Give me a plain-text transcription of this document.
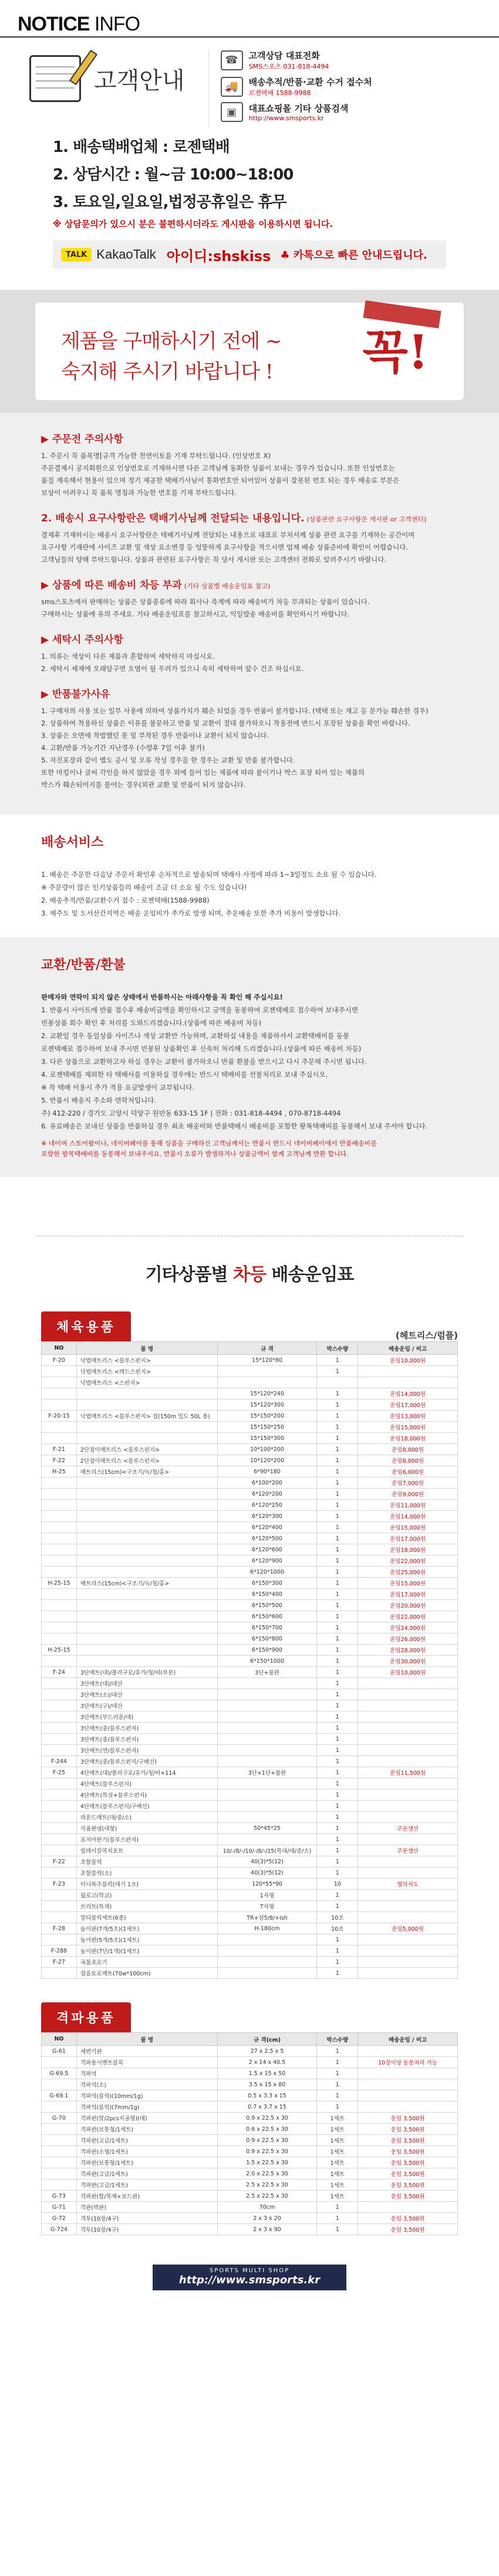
NOTICE INFO
고객안내
☎	고객상담 대표전화
SMS스포츠 031-818-4494
🚚	배송추적/반품·교환 수거 접수처
로젠택배 1588-9988
▣	대표쇼핑몰 기타 상품검색
http://www.smsports.kr

1. 배송택배업체 : 로젠택배

2. 상담시간 : 월~금 10:00~18:00

3. 토요일,일요일,법정공휴일은 휴무

※ 상담문의가 있으시 분은 불편하시더라도 게시판을 이용하시면 됩니다.
TALK KakaoTalk 아이디:shskiss ♣ 카톡으로 빠른 안내드립니다.
제품을 구매하시기 전에 ~
숙지해 주시기 바랍니다 ! 꼭!
▶ 주문전 주의사항

1. 주문시 꼭 품목명[규격 가능한 천연이토를 기재 부탁드립니다. (인상번호 X)

주문결제시 공지회원으로 인상번호로 기재하시면 다른 고객님께 동화한 상품이 보내는 경우가 있습니다. 또한 인상번호는

품질 계속해서 현용이 있으며 정기 제공한 택배기사님이 통화번호만 되어있어 상품이 잘못된 번호 되는 경우 배송료 부분은

보상이 어려우니 꼭 품목 명칭과 가능한 번호를 기재 부탁드립니다.

2. 배송시 요구사항란은 택배기사님께 전달되는 내용입니다. (상품관련 요구사항은 게시판 or 고객센터)

결제후 기재하시는 배송시 요구사항란은 택배기사님께 전달되는 내용으로 대표로 부처서께 상품 관련 요구를 기재하는 공간이며

요구사항 기재란에 사이즈 교환 및 색상 요소변경 등 엉뚱하게 요구사항을 적으시면 업체 배송 상품준비에 확인이 어렵습니다.

고객님들의 양해 부탁드립니다. 상품과 관련된 요구사항은 꼭 당사 게시판 또는 고객센터 전화로 알려주시기 바랍니다.

▶ 상품에 따른 배송비 차등 부과 (기타 상품별 배송운임표 참고)

sms스포츠에서 판매하는 상품은 상품종류에 따라 회사나 측계에 따라 배송비가 차등 부과되는 상품이 있습니다.

구매하시는 상품에 유의 주세요. 기타 배송운임표를 참고하시고, 익일발송 배송비를 확인하시기 바랍니다.

▶ 세탁시 주의사항

1. 의류는 색상이 다른 제품과 혼합하여 세탁하지 마십시요.

2. 세탁시 세제에 오래담구면 오염이 될 우려가 있으니 속히 세탁하여 앞수 건조 하십시요.

▶ 반품불가사유

1. 구매자의 사용 또는 일부 사용에 의하여 상품가치가 훼손 되었을 경우 반품이 불가합니다. (택택 또는 재고 등 분가능 훼손한 경우)

2. 상품하여 착용하신 상품은 이유를 불문하고 반품 및 교환이 절대 불가하오니 착용전에 반드시 포장된 상품을 확인 바랍니다.

3. 상품은 오면에 착발했던 못 및 부착된 경우 반품이나 교환이 되지 않습니다.

4. 고환/반품 가능기간 지난경우 (수령후 7일 이후 불가)

5. 자진포장과 같이 별도 공시 및 오류 작성 경우을 한 경우는 교환 및 반품 불가합니다.

또한 마킹이나 글씨 각인을 하지 않았을 경우 외에 들어 있는 제품에 따라 붙이기나 박스 포장 되어 있는 제품의

박스가 훼손되어지를 물어는 경우(외관 교환 및 반품이 되지 않습니다.

배송서비스

1. 배송은 주문한 다음날 주문서 확인후 순차적으로 발송되며 택배사 사정에 따라 1~3일정도 소요 될 수 있습니다.

※ 주문량이 많은 인기상품들의 배송이 조금 더 소요 될 수도 있습니다!

2. 배송추적/반품/교환수거 접수 : 로젠택배(1588-9988)

3. 제주도 및 도서산간지역은 배송 운임비가 추가로 발생 되며, 추운배송 또한 추가 비용이 발생합니다.

교환/반품/환불

판매자와 연락이 되지 않은 상태에서 반품하시는 아래사항을 꼭 확인 해 주십시요!

1. 반품시 사이트에 반품 접수후 배송비금액을 확인하시고 금액을 동봉하여 로젠택배로 접수하여 보내주시면

빈봉상품 회수 확인 후 처리를 도와드리겠습니다.(상품에 따른 배송비 차등)

2. 교환일 경우 동일상품 사이즈나 색상 교환만 가능하며, 교환하실 내용을 제품하셔서 교환택배비를 동봉

로젠택배로 접수하여 보내 주시면 빈봉된 상품확인 후 신속히 처리해 드리겠습니다.(상품에 따른 배송비 차등)

3. 다른 상품으로 교환하고자 하실 경우는 교환이 불가하오니 반품 환불을 받으시고 다시 주문해 주시면 됩니다.

4. 로젠택배를 제외한 타 택배사를 이용하실 경우에는 반드시 택배비를 선불처리로 보내 주십시오.

※ 착 택배 이용시 추가 적용 요금발생이 교부됩니다.

5. 반품시 배송지 주소와 연락처입니다.

주) 412-220 / 경기도 고양시 덕양구 원빈동 633-15 1F | 전화 : 031-818-4494 , 070-8718-4494

6. 유료배송은 보내신 상품을 반품하실 경우 최초 배송비와 반품택배시 배송비를 포함한 왕복택배비를 동봉해서 보내 주셔야 합니다.

※ 네이버 스토어팜이나, 네이버페이를 통해 상품을 구매하신 고객님께서는 반품시 반드시 네이버페이에서 반품배송비를
포함한 왕복택배비를 동봉해서 보내주셔요. 반품시 오류가 발생하거나 상품금액이 함께 고객님께 반환 합니다.
기타상품별 차등 배송운임표
체육용품
(헤트리스/럼플)
NO	품 명	규 격	박스수량	배송운임 / 비고
F-20	낙법매트리스 <블루스펀지>	15*120*80	1	운임10,000원
	낙법매트리스 <레드스펀지>		1	
	낙법매트리스 <스펀지>			
		15*120*240	1	운임14,000원
		15*120*300	1	운임17,000원
F-20-15	낙법매트리스 <블루스펀지> 접(150m 밀도 50L 용)	15*150*200	1	운임13,000원
		15*150*250	1	운임15,000원
		15*150*300	1	운임18,000원
F-21	2단접이매트리스 <블루스펀지>	10*100*200	1	운임8,000원
F-22	2단접이매트리스 <블루스펀지>	10*120*200	1	운임8,000원
H-25	매트리스(15cm)<구조기/녹/청/홍>	6*90*180	1	운임6,000원
		6*100*200	1	운임7,000원
		6*120*200	1	운임9,000원
		6*120*250	1	운임11,000원
		6*120*300	1	운임14,000원
		6*120*400	1	운임15,000원
		6*120*500	1	운임17,000원
		6*120*600	1	운임18,000원
		6*120*900	1	운임22,000원
		6*120*1000	1	운임25,000원
H-25-15	매트리스(15cm)<구조기/녹/청/홍>	6*150*300	1	운임15,000원
		6*150*400	1	운임17,000원
		6*150*500	1	운임20,000원
		6*150*600	1	운임22,000원
		6*150*700	1	운임24,000원
		6*150*800	1	운임26,000원
H-25-15		6*150*900	1	운임28,000원
		6*150*1000	1	운임30,000원
F-24	3단매트(대)/폴리구로/유가/청/비(부분)	3단+불완	1	운임10,000원
	3단매트(대)/대산		1	
	3단매트(소)/대산		1	
	3단매트(구)/대산		1	
	3단매트(부드러운/대)		1	
	3단매트(중/블루스펀지)		1	
	3단매트(중/블루스펀지)		1	
	3단매트(연/블루스펀지)		1	
F-244	3단매트(중/블루스펀지/구배선)		1	
F-25	4단매트(대)/폴리구로/유가/청/비+114	3단+1단+불완	1	운임11,500원
	4단매트(블루스펀지)		1	
	4단매트(특설+블루스펀지)		1	
	4단매트(블루스펀지/구배선)		1	
	라운드매트(대/중/소)		1	
	각율판넬(대형)	50*45*25	1	주문생산
	표지아판기(블루스펀지)		1	
	릴레이칼콕치포트	10/-/8/-/10/-/8/-/15(특대/대/중/소)	1	주문생산
F-22	초합블럭	40(3)*5(12)	1	
	초합블럭(소)	40(3)*5(12)	1	
F-23	미니복주블럭(대기 1조)	120*55*90	10	협의처도
	월로고(학교)	1자형	1	
	브리트(특제)	T자형	1	
	멀티블럭세트(6종)	TR+삼5/8/+ish	10조	
F-28	놀이판(7개/5조)(1세트)	H-180cm	10조	운임5,000원
	놀이판(5개/5조)(1세트)		1	
F-288	놀이판(7단/1개)(1세트)		1	
F-27	곡물초로기		1	
	접을토로매트(70w*100cm)		1	
격파용품
NO	품 명	규 격(cm)	박스수량	배송운임 / 비고
G-61	세번기판	27 x 2.5 x 5	1	
	격파용시멘트블록	2 x 14 x 40.5	1	10장이상 동봉처리 가능
G-69.5	격파석	1.5 x 15 x 50	1	
	격파석(소)	3.5 x 15 x 80	1	
G-69.1	격파석(블럭)(10mm/1g)	0.5 x 3.3 x 15	1	
	격파석(블럭)(7mm/1g)	0.7 x 3.7 x 15	1	
G-70	격파판(말/2pcs지공형)(대)	0.9 x 22.5 x 30	1세트	운임 3,500원
	격파판(보통형/1세트)	0.6 x 22.5 x 30	1세트	운임 3,500원
	격파판(고급/1세트)	0.9 x 22.5 x 30	1세트	운임 3,500원
	격파판(소형/1세트)	0.9 x 22.5 x 30	1세트	운임 3,500원
	격파판(보통형/1세트)	1.5 x 22.5 x 30	1세트	운임 3,500원
	격파판(고급/1세트)	2.0 x 22.5 x 30	1세트	운임 3,500원
	격파판(고급/1세트)	2.5 x 22.5 x 30	1세트	운임 3,500원
G-73	격파판(합/목재+보드판)	2.5 x 22.5 x 30	1세트	운임 3,500원
G-71	격판(벽판)	70cm	1	
G-72	격투(10장/4구)	2 x 3 x 20	1	운임 3,500원
G-724	격투(10장/4구)	2 x 3 x 90	1	운임 3,500원
SPORTS MULTI SHOP
http://www.smsports.kr
